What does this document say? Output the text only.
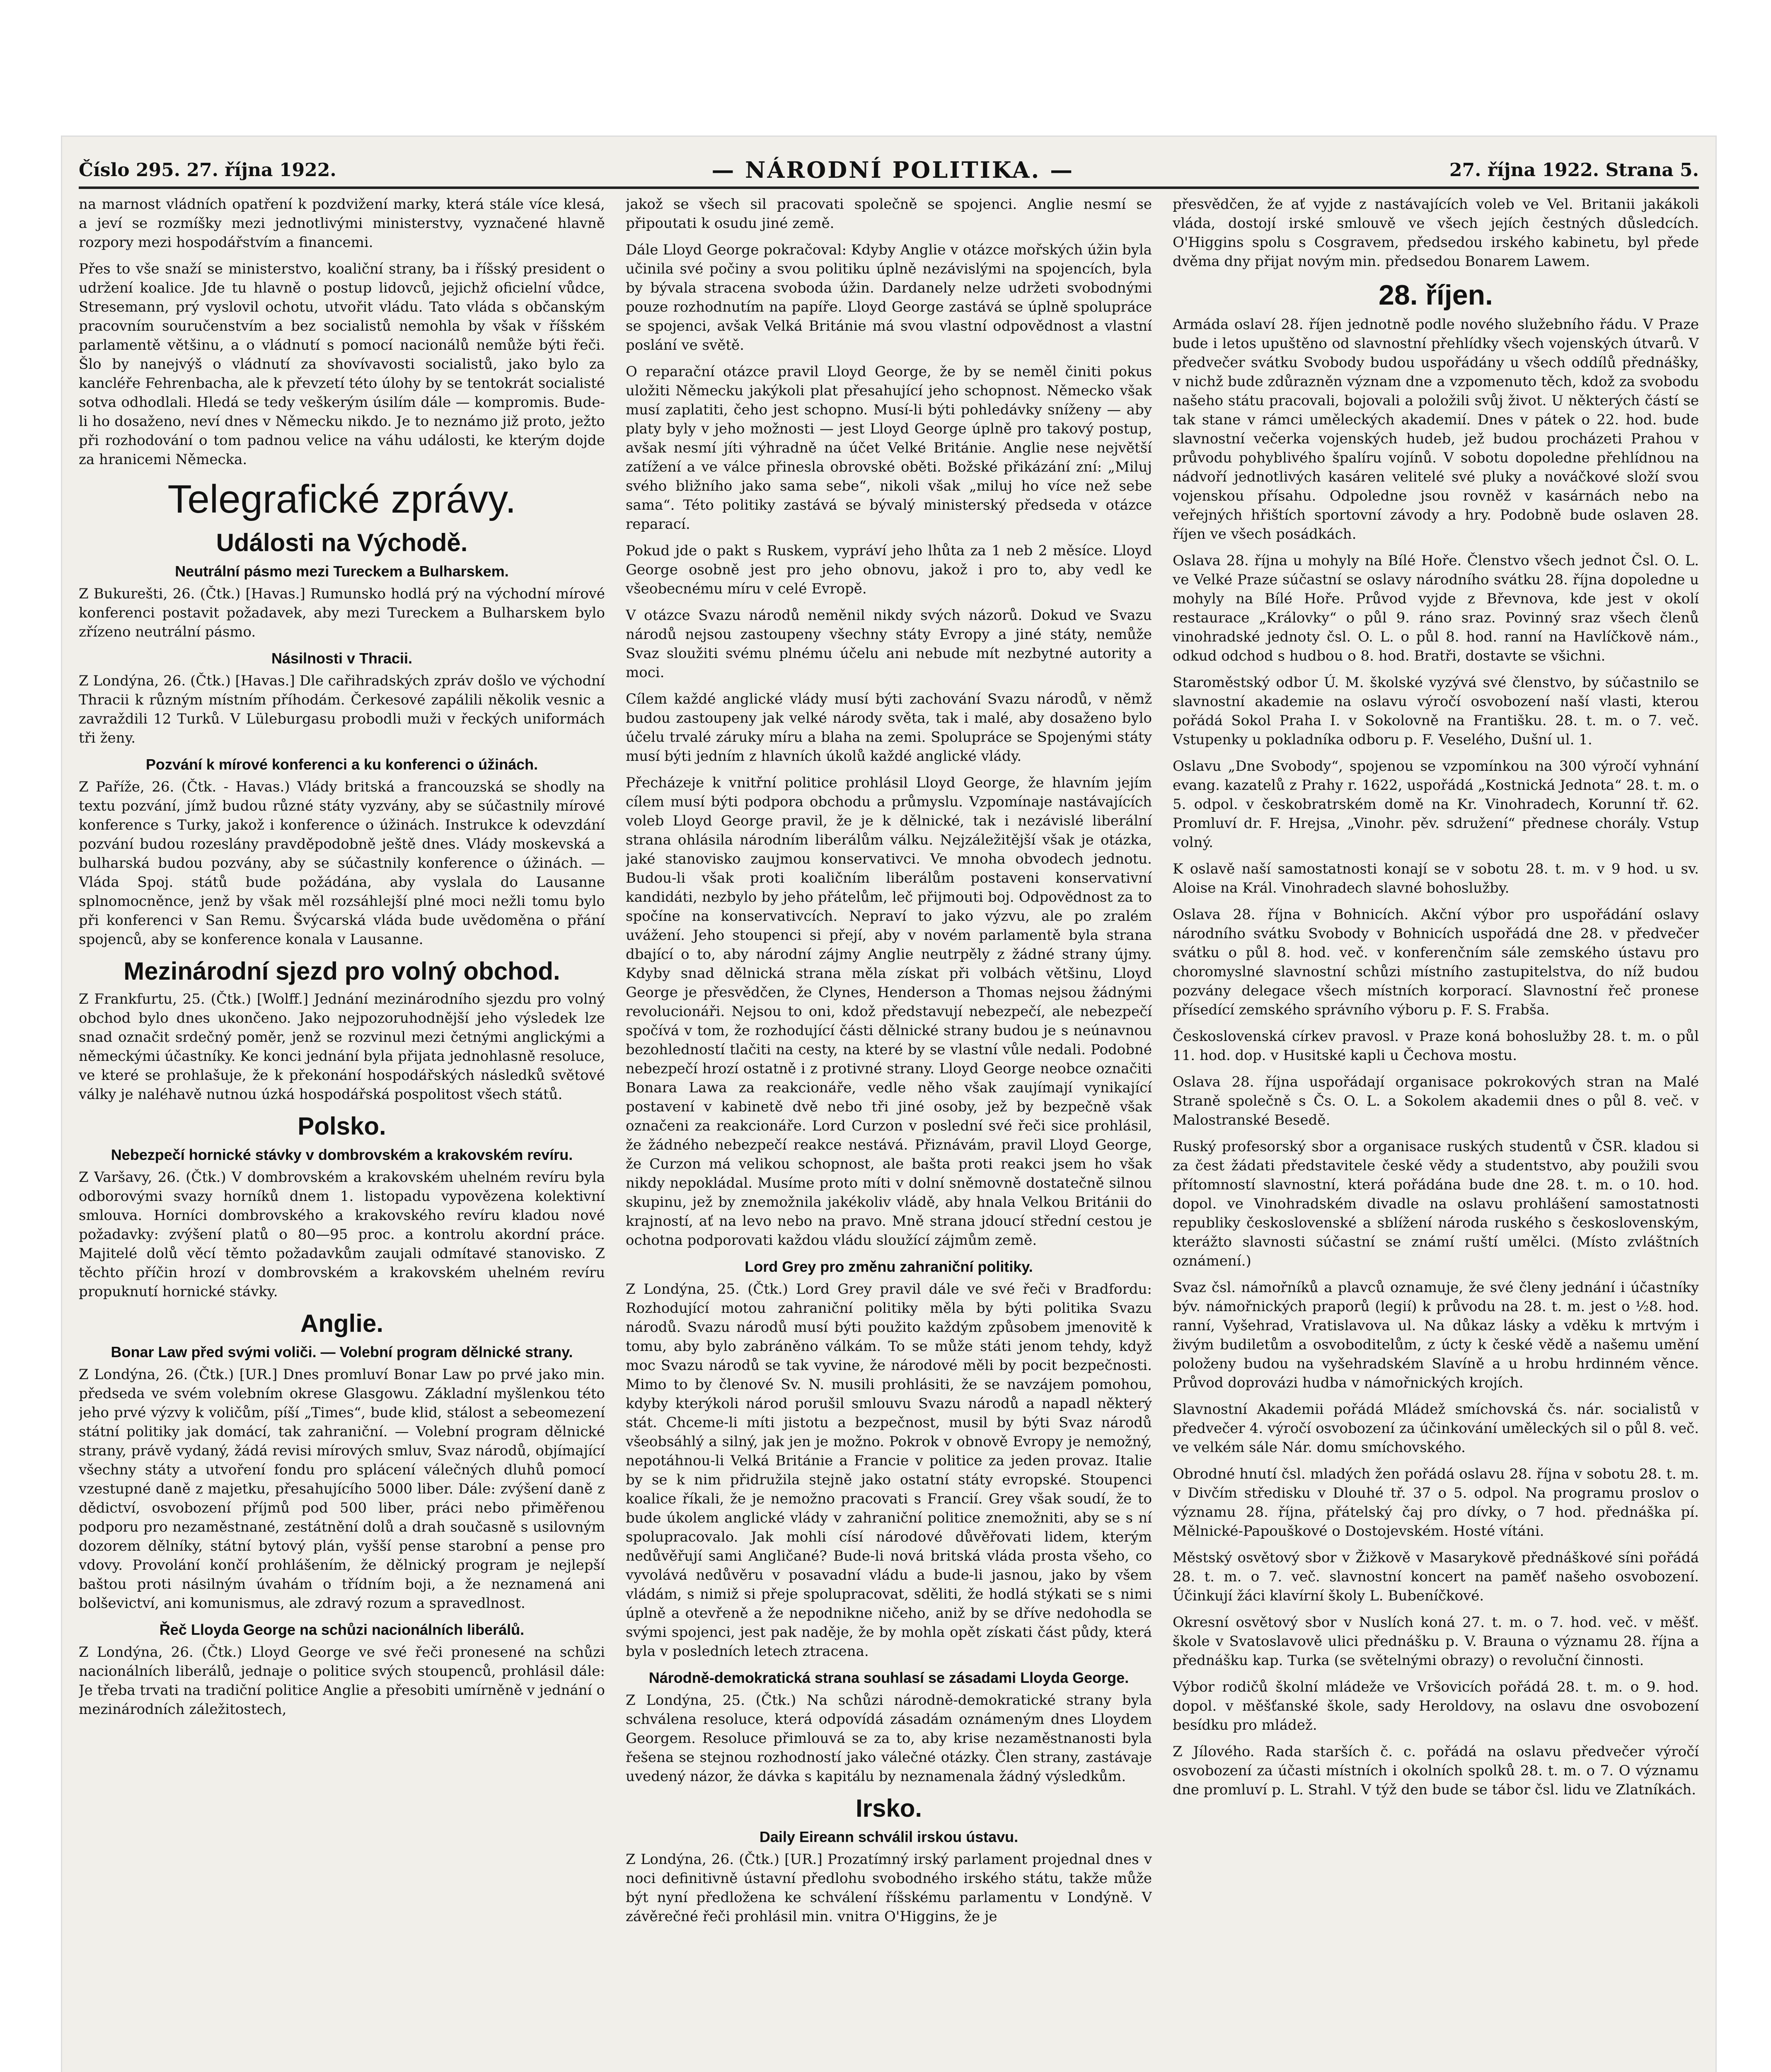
Číslo 295. 27. října 1922.	— NÁRODNÍ POLITIKA. —	27. října 1922. Strana 5.

na marnost vládních opatření k pozdvižení marky, která stále více klesá, a jeví se rozmíšky mezi jednotlivými ministerstvy, vyznačené hlavně rozpory mezi hospodářstvím a financemi.

Přes to vše snaží se ministerstvo, koaliční strany, ba i říšský president o udržení koalice. Jde tu hlavně o postup lidovců, jejichž oficielní vůdce, Stresemann, prý vyslovil ochotu, utvořit vládu. Tato vláda s občanským pracovním souručenstvím a bez socialistů nemohla by však v říšském parlamentě většinu, a o vládnutí s pomocí nacionálů nemůže býti řeči. Šlo by nanejvýš o vládnutí za shovívavosti socialistů, jako bylo za kancléře Fehrenbacha, ale k převzetí této úlohy by se tentokrát socialisté sotva odhodlali. Hledá se tedy veškerým úsilím dále — kompromis. Bude-li ho dosaženo, neví dnes v Německu nikdo. Je to neznámo již proto, ježto při rozhodování o tom padnou velice na váhu události, ke kterým dojde za hranicemi Německa.

Telegrafické zprávy.
Události na Východě.
Neutrální pásmo mezi Tureckem a Bulharskem.

Z Bukurešti, 26. (Čtk.) [Havas.] Rumunsko hodlá prý na východní mírové konferenci postavit požadavek, aby mezi Tureckem a Bulharskem bylo zřízeno neutrální pásmo.

Násilnosti v Thracii.

Z Londýna, 26. (Čtk.) [Havas.] Dle cařihradských zpráv došlo ve východní Thracii k různým místním příhodám. Čerkesové zapálili několik vesnic a zavraždili 12 Turků. V Lüleburgasu probodli muži v řeckých uniformách tři ženy.

Pozvání k mírové konferenci a ku konferenci o úžinách.

Z Paříže, 26. (Čtk. - Havas.) Vlády britská a francouzská se shodly na textu pozvání, jímž budou různé státy vyzvány, aby se súčastnily mírové konference s Turky, jakož i konference o úžinách. Instrukce k odevzdání pozvání budou rozeslány pravděpodobně ještě dnes. Vlády moskevská a bulharská budou pozvány, aby se súčastnily konference o úžinách. — Vláda Spoj. států bude požádána, aby vyslala do Lausanne splnomocněnce, jenž by však měl rozsáhlejší plné moci nežli tomu bylo při konferenci v San Remu. Švýcarská vláda bude uvědoměna o přání spojenců, aby se konference konala v Lausanne.

Mezinárodní sjezd pro volný obchod.

Z Frankfurtu, 25. (Čtk.) [Wolff.] Jednání mezinárodního sjezdu pro volný obchod bylo dnes ukončeno. Jako nejpozoruhodnější jeho výsledek lze snad označit srdečný poměr, jenž se rozvinul mezi četnými anglickými a německými účastníky. Ke konci jednání byla přijata jednohlasně resoluce, ve které se prohlašuje, že k překonání hospodářských následků světové války je naléhavě nutnou úzká hospodářská pospolitost všech států.

Polsko.
Nebezpečí hornické stávky v dombrovském a krakovském revíru.

Z Varšavy, 26. (Čtk.) V dombrovském a krakovském uhelném revíru byla odborovými svazy horníků dnem 1. listopadu vypovězena kolektivní smlouva. Horníci dombrovského a krakovského revíru kladou nové požadavky: zvýšení platů o 80—95 proc. a kontrolu akordní práce. Majitelé dolů věcí těmto požadavkům zaujali odmítavé stanovisko. Z těchto příčin hrozí v dombrovském a krakovském uhelném revíru propuknutí hornické stávky.

Anglie.
Bonar Law před svými voliči. — Volební program dělnické strany.

Z Londýna, 26. (Čtk.) [UR.] Dnes promluví Bonar Law po prvé jako min. předseda ve svém volebním okrese Glasgowu. Základní myšlenkou této jeho prvé výzvy k voličům, píší „Times“, bude klid, stálost a sebeomezení státní politiky jak domácí, tak zahraniční. — Volební program dělnické strany, právě vydaný, žádá revisi mírových smluv, Svaz národů, objímající všechny státy a utvoření fondu pro splácení válečných dluhů pomocí vzestupné daně z majetku, přesahujícího 5000 liber. Dále: zvýšení daně z dědictví, osvobození příjmů pod 500 liber, práci nebo přiměřenou podporu pro nezaměstnané, zestátnění dolů a drah současně s usilovným dozorem dělníky, státní bytový plán, vyšší pense starobní a pense pro vdovy. Provolání končí prohlášením, že dělnický program je nejlepší baštou proti násilným úvahám o třídním boji, a že neznamená ani bolševictví, ani komunismus, ale zdravý rozum a spravedlnost.

Řeč Lloyda George na schůzi nacionálních liberálů.

Z Londýna, 26. (Čtk.) Lloyd George ve své řeči pronesené na schůzi nacionálních liberálů, jednaje o politice svých stoupenců, prohlásil dále: Je třeba trvati na tradiční politice Anglie a přesobiti umírněně v jednání o mezinárodních záležitostech,

jakož se všech sil pracovati společně se spojenci. Anglie nesmí se připoutati k osudu jiné země.

Dále Lloyd George pokračoval: Kdyby Anglie v otázce mořských úžin byla učinila své počiny a svou politiku úplně nezávislými na spojencích, byla by bývala stracena svoboda úžin. Dardanely nelze udržeti svobodnými pouze rozhodnutím na papíře. Lloyd George zastává se úplně spolupráce se spojenci, avšak Velká Británie má svou vlastní odpovědnost a vlastní poslání ve světě.

O reparační otázce pravil Lloyd George, že by se neměl činiti pokus uložiti Německu jakýkoli plat přesahující jeho schopnost. Německo však musí zaplatiti, čeho jest schopno. Musí-li býti pohledávky sníženy — aby platy byly v jeho možnosti — jest Lloyd George úplně pro takový postup, avšak nesmí jíti výhradně na účet Velké Británie. Anglie nese největší zatížení a ve válce přinesla obrovské oběti. Božské přikázání zní: „Miluj svého bližního jako sama sebe“, nikoli však „miluj ho více než sebe sama“. Této politiky zastává se bývalý ministerský předseda v otázce reparací.

Pokud jde o pakt s Ruskem, vypráví jeho lhůta za 1 neb 2 měsíce. Lloyd George osobně jest pro jeho obnovu, jakož i pro to, aby vedl ke všeobecnému míru v celé Evropě.

V otázce Svazu národů neměnil nikdy svých názorů. Dokud ve Svazu národů nejsou zastoupeny všechny státy Evropy a jiné státy, nemůže Svaz sloužiti svému plnému účelu ani nebude mít nezbytné autority a moci.

Cílem každé anglické vlády musí býti zachování Svazu národů, v němž budou zastoupeny jak velké národy světa, tak i malé, aby dosaženo bylo účelu trvalé záruky míru a blaha na zemi. Spolupráce se Spojenými státy musí býti jedním z hlavních úkolů každé anglické vlády.

Přecházeje k vnitřní politice prohlásil Lloyd George, že hlavním jejím cílem musí býti podpora obchodu a průmyslu. Vzpomínaje nastávajících voleb Lloyd George pravil, že je k dělnické, tak i nezávislé liberální strana ohlásila národním liberálům válku. Nejzáležitější však je otázka, jaké stanovisko zaujmou konservativci. Ve mnoha obvodech jednotu. Budou-li však proti koaličním liberálům postaveni konservativní kandidáti, nezbylo by jeho přátelům, leč přijmouti boj. Odpovědnost za to spočíne na konservativcích. Nepraví to jako výzvu, ale po zralém uvážení. Jeho stoupenci si přejí, aby v novém parlamentě byla strana dbající o to, aby národní zájmy Anglie neutrpěly z žádné strany újmy. Kdyby snad dělnická strana měla získat při volbách většinu, Lloyd George je přesvědčen, že Clynes, Henderson a Thomas nejsou žádnými revolucionáři. Nejsou to oni, kdož představují nebezpečí, ale nebezpečí spočívá v tom, že rozhodující části dělnické strany budou je s neúnavnou bezohledností tlačiti na cesty, na které by se vlastní vůle nedali. Podobné nebezpečí hrozí ostatně i z protivné strany. Lloyd George neobce označiti Bonara Lawa za reakcionáře, vedle něho však zaujímají vynikající postavení v kabinetě dvě nebo tři jiné osoby, jež by bezpečně však označeni za reakcionáře. Lord Curzon v poslední své řeči sice prohlásil, že žádného nebezpečí reakce nestává. Přiznávám, pravil Lloyd George, že Curzon má velikou schopnost, ale bašta proti reakci jsem ho však nikdy nepokládal. Musíme proto míti v dolní sněmovně dostatečně silnou skupinu, jež by znemožnila jakékoliv vládě, aby hnala Velkou Británii do krajností, ať na levo nebo na pravo. Mně strana jdoucí střední cestou je ochotna podporovati každou vládu sloužící zájmům země.

Lord Grey pro změnu zahraniční politiky.

Z Londýna, 25. (Čtk.) Lord Grey pravil dále ve své řeči v Bradfordu: Rozhodující motou zahraniční politiky měla by býti politika Svazu národů. Svazu národů musí býti použito každým způsobem jmenovitě k tomu, aby bylo zabráněno válkám. To se může státi jenom tehdy, když moc Svazu národů se tak vyvine, že národové měli by pocit bezpečnosti. Mimo to by členové Sv. N. musili prohlásiti, že se navzájem pomohou, kdyby kterýkoli národ porušil smlouvu Svazu národů a napadl některý stát. Chceme-li míti jistotu a bezpečnost, musil by býti Svaz národů všeobsáhlý a silný, jak jen je možno. Pokrok v obnově Evropy je nemožný, nepotáhnou-li Velká Británie a Francie v politice za jeden provaz. Italie by se k nim přidružila stejně jako ostatní státy evropské. Stoupenci koalice říkali, že je nemožno pracovati s Francií. Grey však soudí, že to bude úkolem anglické vlády v zahraniční politice znemožniti, aby se s ní spolupracovalo. Jak mohli císí národové důvěřovati lidem, kterým nedůvěřují sami Angličané? Bude-li nová britská vláda prosta všeho, co vyvolává nedůvěru v posavadní vládu a bude-li jasnou, jako by všem vládám, s nimiž si přeje spolupracovat, sděliti, že hodlá stýkati se s nimi úplně a otevřeně a že nepodnikne ničeho, aniž by se dříve nedohodla se svými spojenci, jest pak naděje, že by mohla opět získati část půdy, která byla v posledních letech ztracena.

Národně-demokratická strana souhlasí se zásadami Lloyda George.

Z Londýna, 25. (Čtk.) Na schůzi národně-demokratické strany byla schválena resoluce, která odpovídá zásadám oznámeným dnes Lloydem Georgem. Resoluce přimlouvá se za to, aby krise nezaměstnanosti byla řešena se stejnou rozhodností jako válečné otázky. Člen strany, zastávaje uvedený názor, že dávka s kapitálu by neznamenala žádný výsledkům.

Irsko.
Daily Eireann schválil irskou ústavu.

Z Londýna, 26. (Čtk.) [UR.] Prozatímný irský parlament projednal dnes v noci definitivně ústavní předlohu svobodného irského státu, takže může být nyní předložena ke schválení říšskému parlamentu v Londýně. V závěrečné řeči prohlásil min. vnitra O'Higgins, že je

přesvědčen, že ať vyjde z nastávajících voleb ve Vel. Britanii jakákoli vláda, dostojí irské smlouvě ve všech jejích čestných důsledcích. O'Higgins spolu s Cosgravem, předsedou irského kabinetu, byl přede dvěma dny přijat novým min. předsedou Bonarem Lawem.

28. říjen.

Armáda oslaví 28. říjen jednotně podle nového služebního řádu. V Praze bude i letos upuštěno od slavnostní přehlídky všech vojenských útvarů. V předvečer svátku Svobody budou uspořádány u všech oddílů přednášky, v nichž bude zdůrazněn význam dne a vzpomenuto těch, kdož za svobodu našeho státu pracovali, bojovali a položili svůj život. U některých částí se tak stane v rámci uměleckých akademií. Dnes v pátek o 22. hod. bude slavnostní večerka vojenských hudeb, jež budou procházeti Prahou v průvodu pohyblivého špalíru vojínů. V sobotu dopoledne přehlídnou na nádvoří jednotlivých kasáren velitelé své pluky a nováčkové složí svou vojenskou přísahu. Odpoledne jsou rovněž v kasárnách nebo na veřejných hřištích sportovní závody a hry. Podobně bude oslaven 28. říjen ve všech posádkách.

Oslava 28. října u mohyly na Bílé Hoře. Členstvo všech jednot Čsl. O. L. ve Velké Praze súčastní se oslavy národního svátku 28. října dopoledne u mohyly na Bílé Hoře. Průvod vyjde z Břevnova, kde jest v okolí restaurace „Královky“ o půl 9. ráno sraz. Povinný sraz všech členů vinohradské jednoty čsl. O. L. o půl 8. hod. ranní na Havlíčkově nám., odkud odchod s hudbou o 8. hod. Bratři, dostavte se všichni.

Staroměstský odbor Ú. M. školské vyzývá své členstvo, by súčastnilo se slavnostní akademie na oslavu výročí osvobození naší vlasti, kterou pořádá Sokol Praha I. v Sokolovně na Františku. 28. t. m. o 7. več. Vstupenky u pokladníka odboru p. F. Veselého, Dušní ul. 1.

Oslavu „Dne Svobody“, spojenou se vzpomínkou na 300 výročí vyhnání evang. kazatelů z Prahy r. 1622, uspořádá „Kostnická Jednota“ 28. t. m. o 5. odpol. v českobratrském domě na Kr. Vinohradech, Korunní tř. 62. Promluví dr. F. Hrejsa, „Vinohr. pěv. sdružení“ přednese chorály. Vstup volný.

K oslavě naší samostatnosti konají se v sobotu 28. t. m. v 9 hod. u sv. Aloise na Král. Vinohradech slavné bohoslužby.

Oslava 28. října v Bohnicích. Akční výbor pro uspořádání oslavy národního svátku Svobody v Bohnicích uspořádá dne 28. v předvečer svátku o půl 8. hod. več. v konferenčním sále zemského ústavu pro choromyslné slavnostní schůzi místního zastupitelstva, do níž budou pozvány delegace všech místních korporací. Slavnostní řeč pronese přísedící zemského správního výboru p. F. S. Frabša.

Československá církev pravosl. v Praze koná bohoslužby 28. t. m. o půl 11. hod. dop. v Husitské kapli u Čechova mostu.

Oslava 28. října uspořádají organisace pokrokových stran na Malé Straně společně s Čs. O. L. a Sokolem akademii dnes o půl 8. več. v Malostranské Besedě.

Ruský profesorský sbor a organisace ruských studentů v ČSR. kladou si za čest žádati představitele české vědy a studentstvo, aby použili svou přítomností slavnostní, která pořádána bude dne 28. t. m. o 10. hod. dopol. ve Vinohradském divadle na oslavu prohlášení samostatnosti republiky československé a sblížení národa ruského s československým, kterážto slavnosti súčastní se známí ruští umělci. (Místo zvláštních oznámení.)

Svaz čsl. námořníků a plavců oznamuje, že své členy jednání i účastníky býv. námořnických praporů (legií) k průvodu na 28. t. m. jest o ½8. hod. ranní, Vyšehrad, Vratislavova ul. Na důkaz lásky a vděku k mrtvým i živým budiletům a osvoboditelům, z úcty k české vědě a našemu umění položeny budou na vyšehradském Slavíně a u hrobu hrdinném věnce. Průvod doprovázi hudba v námořnických krojích.

Slavnostní Akademii pořádá Mládež smíchovská čs. nár. socialistů v předvečer 4. výročí osvobození za účinkování uměleckých sil o půl 8. več. ve velkém sále Nár. domu smíchovského.

Obrodné hnutí čsl. mladých žen pořádá oslavu 28. října v sobotu 28. t. m. v Divčím středisku v Dlouhé tř. 37 o 5. odpol. Na programu proslov o významu 28. října, přátelský čaj pro dívky, o 7 hod. přednáška pí. Mělnické-Papouškové o Dostojevském. Hosté vítáni.

Městský osvětový sbor v Žižkově v Masarykově přednáškové síni pořádá 28. t. m. o 7. več. slavnostní koncert na paměť našeho osvobození. Účinkují žáci klavírní školy L. Bubeníčkové.

Okresní osvětový sbor v Nuslích koná 27. t. m. o 7. hod. več. v měšť. škole v Svatoslavově ulici přednášku p. V. Brauna o významu 28. října a přednášku kap. Turka (se světelnými obrazy) o revoluční činnosti.

Výbor rodičů školní mládeže ve Vršovicích pořádá 28. t. m. o 9. hod. dopol. v měšťanské škole, sady Heroldovy, na oslavu dne osvobození besídku pro mládež.

Z Jílového. Rada starších č. c. pořádá na oslavu předvečer výročí osvobození za účasti místních i okolních spolků 28. t. m. o 7. O významu dne promluví p. L. Strahl. V týž den bude se tábor čsl. lidu ve Zlatníkách.
